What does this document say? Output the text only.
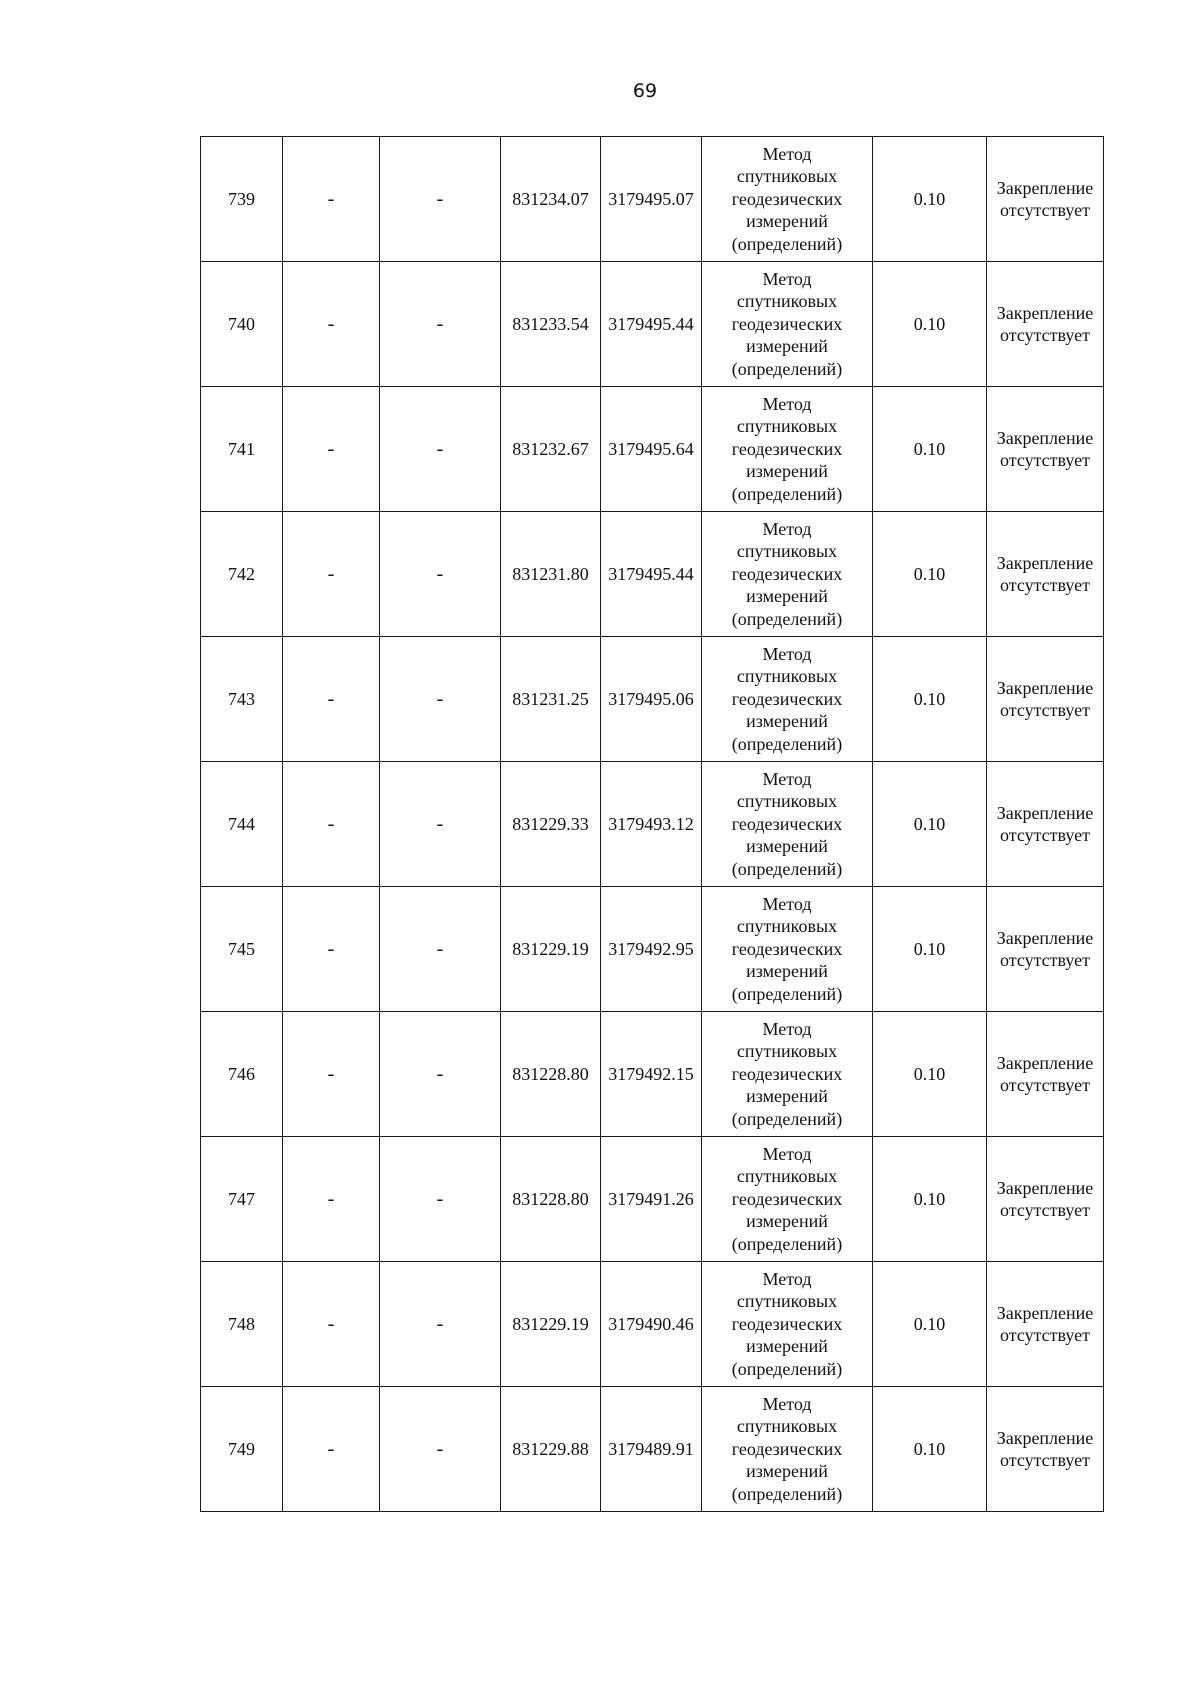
69
739	-	-	831234.07	3179495.07	Метод
спутниковых
геодезических
измерений
(определений)	0.10	Закрепление
отсутствует
740	-	-	831233.54	3179495.44	Метод
спутниковых
геодезических
измерений
(определений)	0.10	Закрепление
отсутствует
741	-	-	831232.67	3179495.64	Метод
спутниковых
геодезических
измерений
(определений)	0.10	Закрепление
отсутствует
742	-	-	831231.80	3179495.44	Метод
спутниковых
геодезических
измерений
(определений)	0.10	Закрепление
отсутствует
743	-	-	831231.25	3179495.06	Метод
спутниковых
геодезических
измерений
(определений)	0.10	Закрепление
отсутствует
744	-	-	831229.33	3179493.12	Метод
спутниковых
геодезических
измерений
(определений)	0.10	Закрепление
отсутствует
745	-	-	831229.19	3179492.95	Метод
спутниковых
геодезических
измерений
(определений)	0.10	Закрепление
отсутствует
746	-	-	831228.80	3179492.15	Метод
спутниковых
геодезических
измерений
(определений)	0.10	Закрепление
отсутствует
747	-	-	831228.80	3179491.26	Метод
спутниковых
геодезических
измерений
(определений)	0.10	Закрепление
отсутствует
748	-	-	831229.19	3179490.46	Метод
спутниковых
геодезических
измерений
(определений)	0.10	Закрепление
отсутствует
749	-	-	831229.88	3179489.91	Метод
спутниковых
геодезических
измерений
(определений)	0.10	Закрепление
отсутствует
